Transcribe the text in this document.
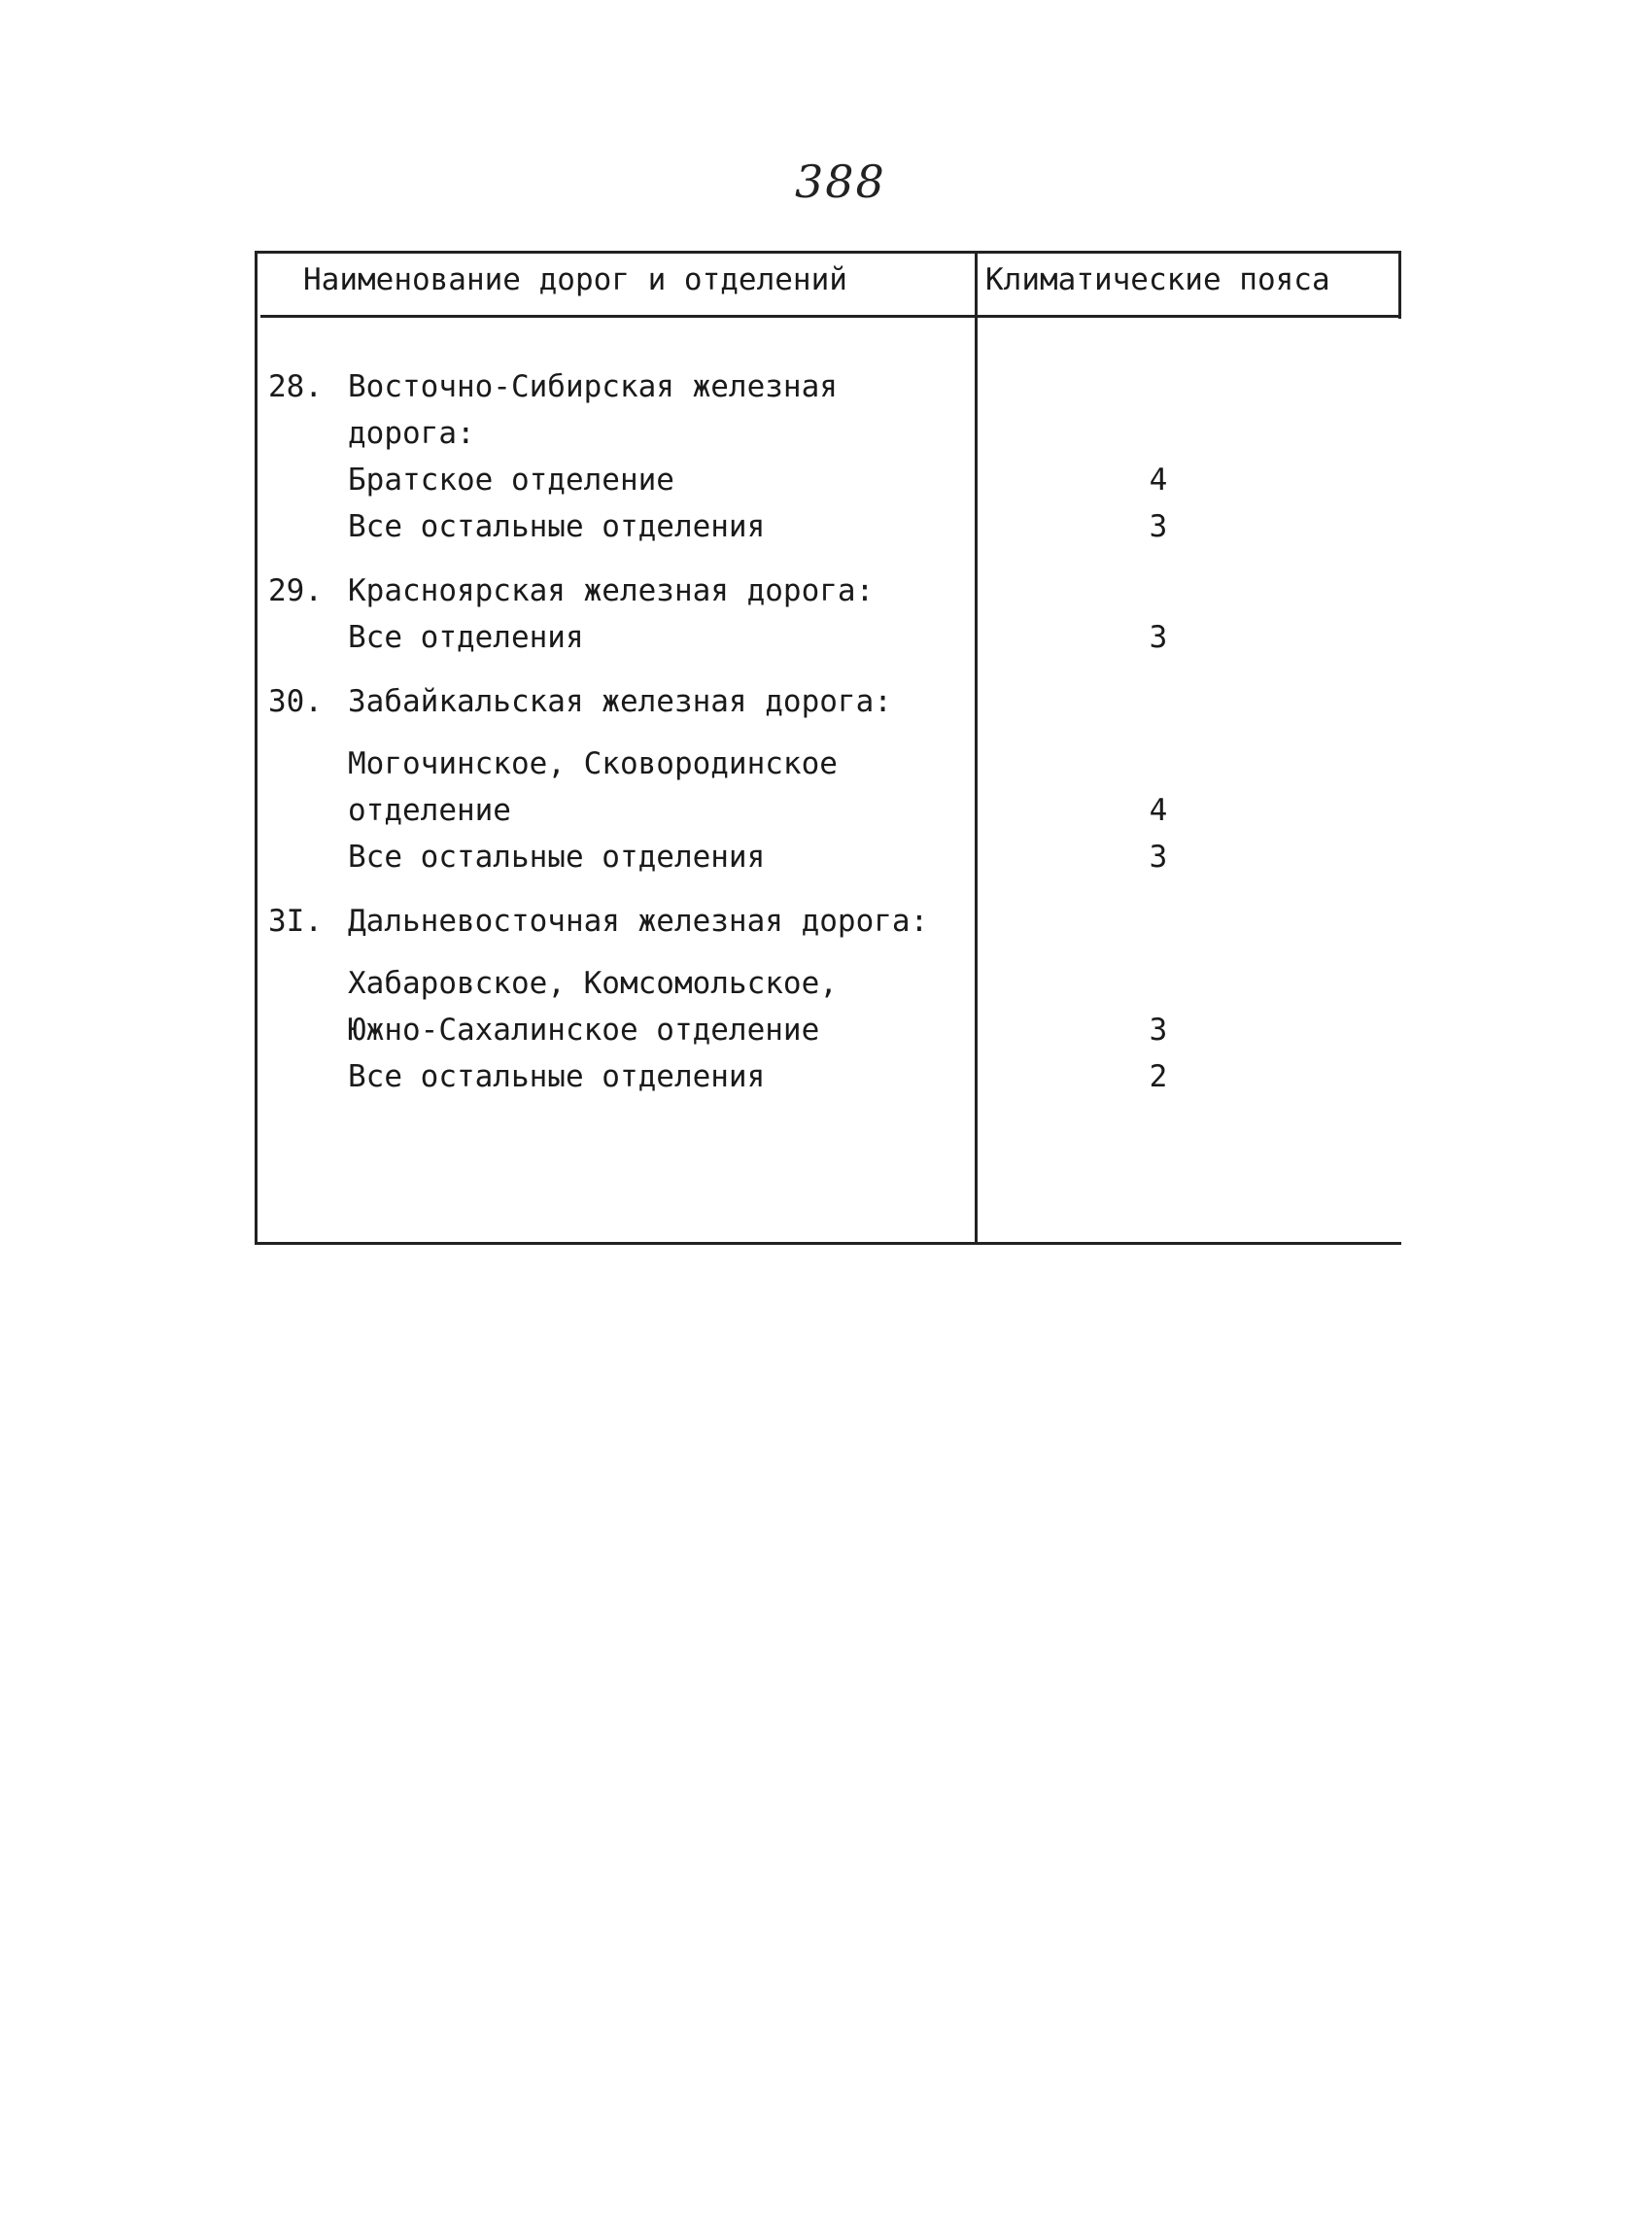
388
Наименование дорог и отделений	Климатические пояса
28. Восточно-Сибирская железная
дорога:
Братское отделение	4
Все остальные отделения	3
29. Красноярская железная дорога:
Все отделения	3
30. Забайкальская железная дорога:
Могочинское, Сковородинское
отделение	4
Все остальные отделения	3
3I. Дальневосточная железная дорога:
Хабаровское, Комсомольское,
Южно-Сахалинское отделение	3
Все остальные отделения	2
